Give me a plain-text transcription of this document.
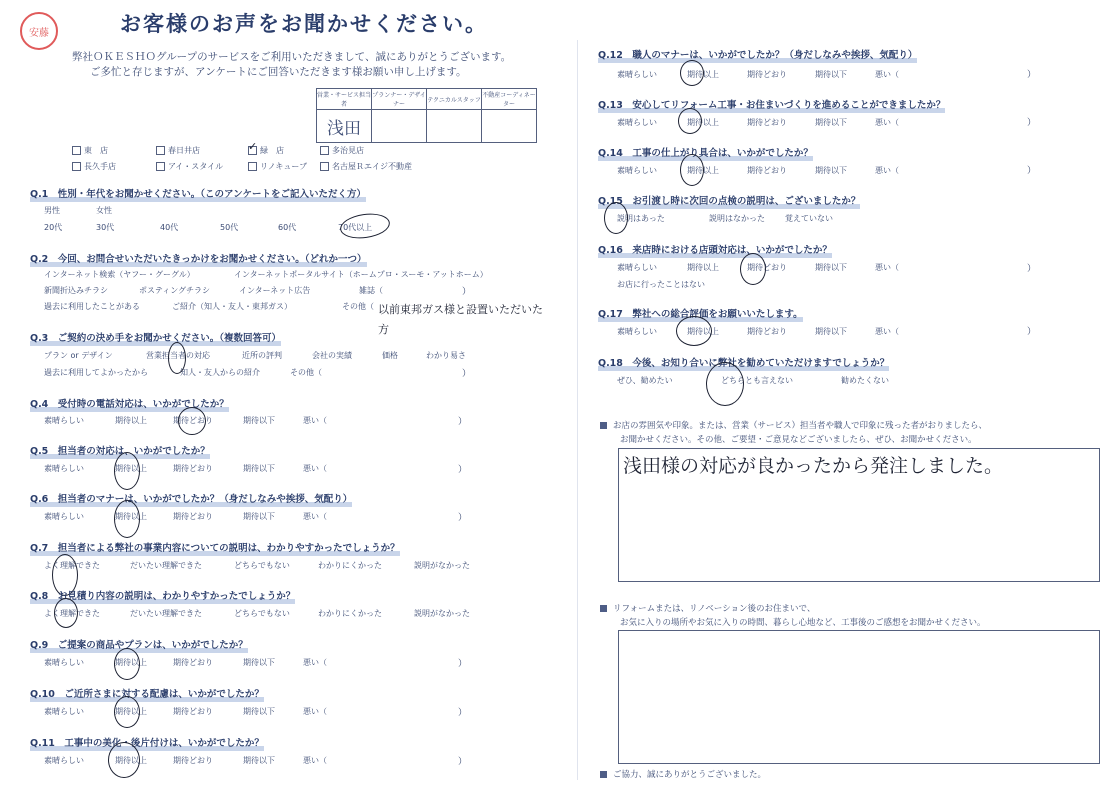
安藤	お客様のお声をお聞かせください。
弊社ＯＫＥＳＨＯグループのサービスをご利用いただきまして、誠にありがとうございます。
ご多忙と存じますが、アンケートにご回答いただきます様お願い申し上げます。
営業・サービス担当者	プランナー・デザイナー	テクニカルスタッフ	不動産コーディネーター
浅田			
東　店	春日井店	✓ 緑　店	多治見店
長久手店	アイ・スタイル	リノキューブ	名古屋Ｒエイジ不動産
Q.1　性別・年代をお聞かせください。（このアンケートをご記入いただく方）
男性	女性
20代	30代	40代	50代	60代	70代以上
Q.2　今回、お問合せいただいたきっかけをお聞かせください。（どれか一つ）
インターネット検索（ヤフー・グーグル）	インターネットポータルサイト（ホームプロ・スーモ・アットホーム）
新聞折込みチラシ	ポスティングチラシ	インターネット広告	雑誌（	）
過去に利用したことがある	ご紹介（知人・友人・東邦ガス）	その他（ 以前東邦ガス様と設置いただいた方
Q.3　ご契約の決め手をお聞かせください。（複数回答可）
プラン or デザイン	営業担当者の対応	近所の評判	会社の実績	価格	わかり易さ
過去に利用してよかったから	知人・友人からの紹介	その他（	）
Q.4　受付時の電話対応は、いかがでしたか？
素晴らしい	期待以上	期待どおり	期待以下	悪い（	）
Q.5　担当者の対応は、いかがでしたか？
素晴らしい	期待以上	期待どおり	期待以下	悪い（	）
Q.6　担当者のマナーは、いかがでしたか？（身だしなみや挨拶、気配り）
素晴らしい	期待以上	期待どおり	期待以下	悪い（	）
Q.7　担当者による弊社の事業内容についての説明は、わかりやすかったでしょうか？
よく理解できた	だいたい理解できた	どちらでもない	わかりにくかった	説明がなかった
Q.8　お見積り内容の説明は、わかりやすかったでしょうか？
よく理解できた	だいたい理解できた	どちらでもない	わかりにくかった	説明がなかった
Q.9　ご提案の商品やプランは、いかがでしたか？
素晴らしい	期待以上	期待どおり	期待以下	悪い（	）
Q.10　ご近所さまに対する配慮は、いかがでしたか？
素晴らしい	期待以上	期待どおり	期待以下	悪い（	）
Q.11　工事中の美化・後片付けは、いかがでしたか？
素晴らしい	期待以上	期待どおり	期待以下	悪い（	）
Q.12　職人のマナーは、いかがでしたか？（身だしなみや挨拶、気配り）
素晴らしい	期待以上	期待どおり	期待以下	悪い（	）
Q.13　安心してリフォーム工事・お住まいづくりを進めることができましたか？
素晴らしい	期待以上	期待どおり	期待以下	悪い（	）
Q.14　工事の仕上がり具合は、いかがでしたか？
素晴らしい	期待以上	期待どおり	期待以下	悪い（	）
Q.15　お引渡し時に次回の点検の説明は、ございましたか？
説明はあった	説明はなかった	覚えていない
Q.16　来店時における店頭対応は、いかがでしたか？
素晴らしい	期待以上	期待どおり	期待以下	悪い（	）
お店に行ったことはない
Q.17　弊社への総合評価をお願いいたします。
素晴らしい	期待以上	期待どおり	期待以下	悪い（	）
Q.18　今後、お知り合いに弊社を勧めていただけますでしょうか？
ぜひ、勧めたい	どちらとも言えない	勧めたくない
お店の雰囲気や印象。または、営業（サービス）担当者や職人で印象に残った者がおりましたら、
お聞かせください。その他、ご要望・ご意見などございましたら、ぜひ、お聞かせください。
浅田様の対応が良かったから発注しました。
リフォームまたは、リノベーション後のお住まいで、
お気に入りの場所やお気に入りの時間、暮らし心地など、工事後のご感想をお聞かせください。
ご協力、誠にありがとうございました。
